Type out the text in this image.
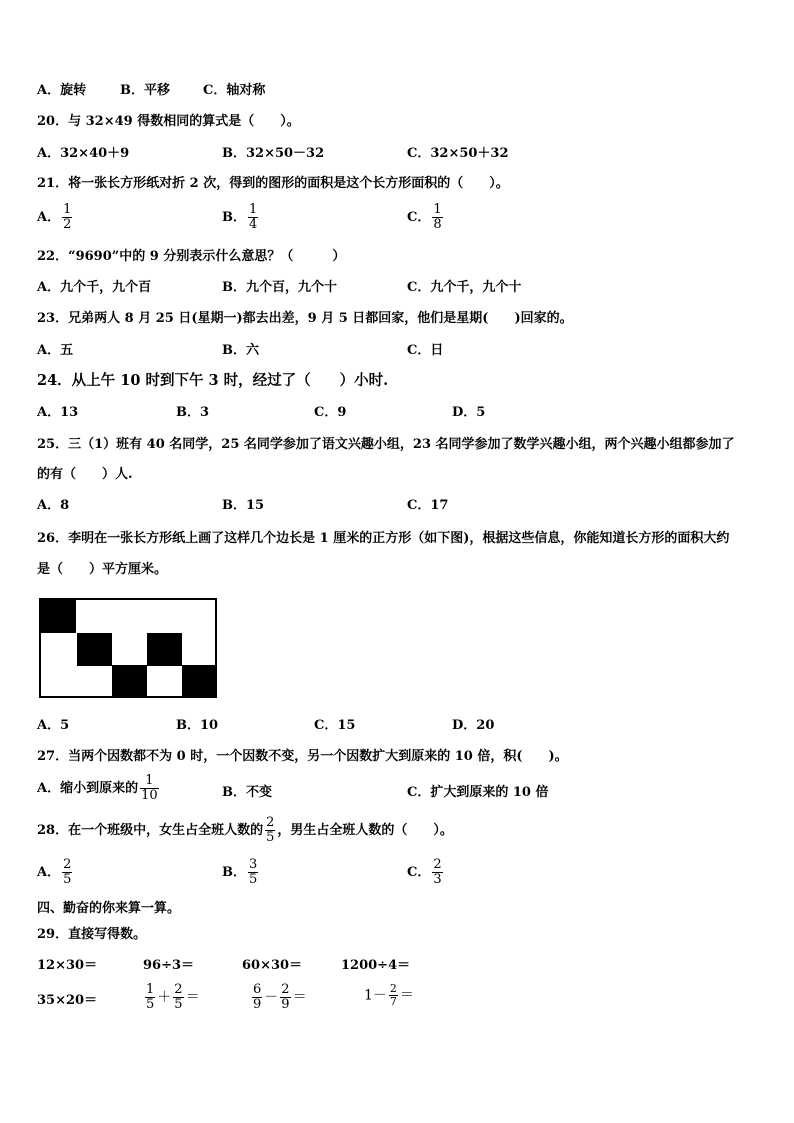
A．旋转	B．平移	C．轴对称
20．与 32×49 得数相同的算式是（　　）。
A．32×40＋9	B．32×50－32	C．32×50＋32
21．将一张长方形纸对折 2 次，得到的图形的面积是这个长方形面积的（　　）。
A． $\frac{1}{2}$	B． $\frac{1}{4}$	C． $\frac{1}{8}$
22．“9690”中的 9 分别表示什么意思？（　　　）
A．九个千，九个百	B．九个百，九个十	C．九个千，九个十
23．兄弟两人 8 月 25 日(星期一)都去出差，9 月 5 日都回家，他们是星期(　　)回家的。
A．五	B．六	C．日
24．从上午 10 时到下午 3 时，经过了（　　）小时.
A．13	B．3	C．9	D．5
25．三（1）班有 40 名同学，25 名同学参加了语文兴趣小组，23 名同学参加了数学兴趣小组，两个兴趣小组都参加了
的有（　　）人.
A．8	B．15	C．17
26．李明在一张长方形纸上画了这样几个边长是 1 厘米的正方形（如下图)，根据这些信息，你能知道长方形的面积大约
是（　　）平方厘米。
A．5	B．10	C．15	D．20
27．当两个因数都不为 0 时，一个因数不变，另一个因数扩大到原来的 10 倍，积(　　)。
A．缩小到原来的 $\frac{1}{10}$	B．不变	C．扩大到原来的 10 倍
28．在一个班级中，女生占全班人数的 $\frac{2}{5}$ ，男生占全班人数的（　　）。
A． $\frac{2}{5}$	B． $\frac{3}{5}$	C． $\frac{2}{3}$
四、勤奋的你来算一算。
29．直接写得数。
12×30＝	96÷3＝	60×30＝	1200÷4＝
35×20＝	$\frac{1}{5} + \frac{2}{5}$ ＝	$\frac{6}{9} - \frac{2}{9}$ ＝	$1- \frac{2}{7}$ ＝
